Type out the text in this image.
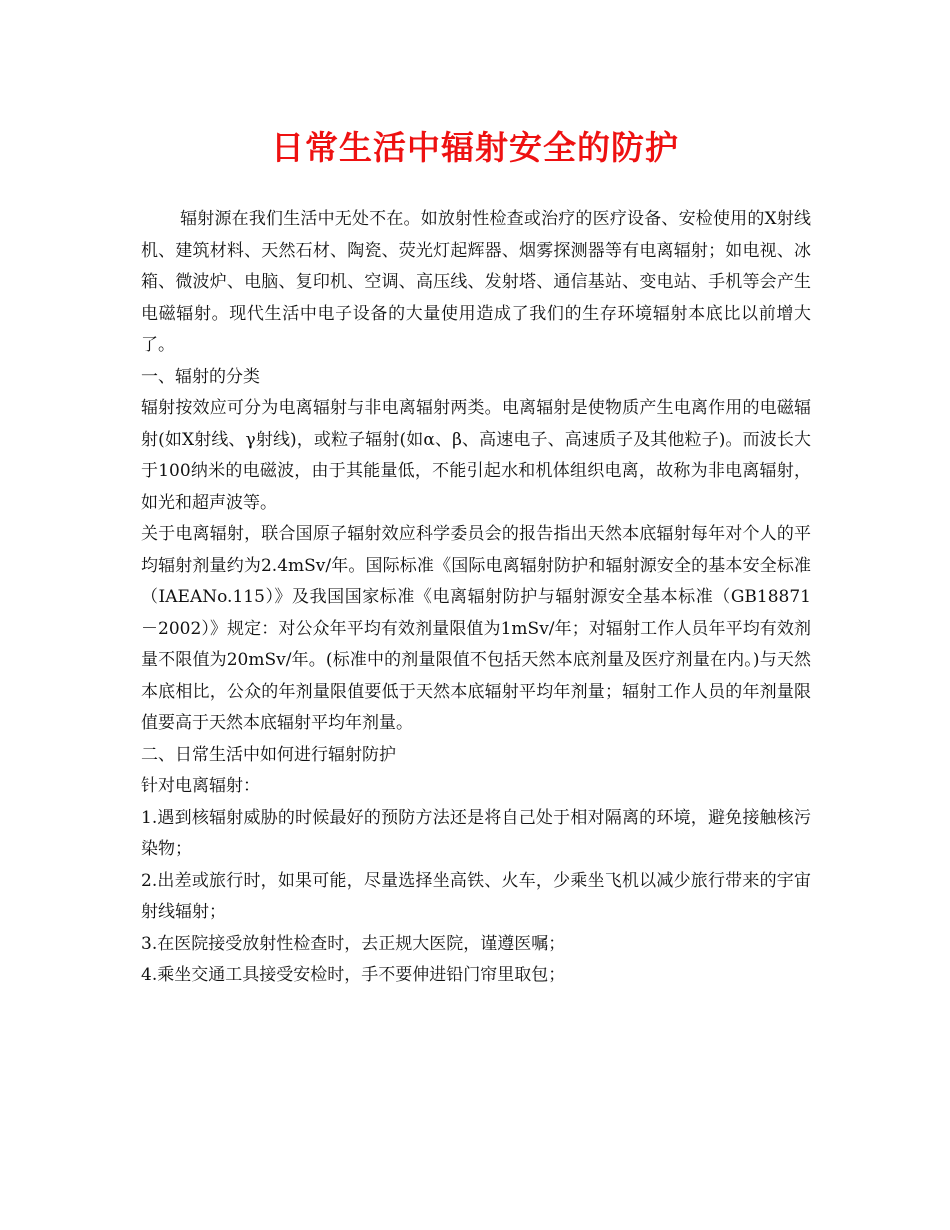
日常生活中辐射安全的防护

辐射源在我们生活中无处不在。如放射性检查或治疗的医疗设备、安检使用的X射线机、建筑材料、天然石材、陶瓷、荧光灯起辉器、烟雾探测器等有电离辐射；如电视、冰箱、微波炉、电脑、复印机、空调、高压线、发射塔、通信基站、变电站、手机等会产生电磁辐射。现代生活中电子设备的大量使用造成了我们的生存环境辐射本底比以前增大了。

一、辐射的分类

辐射按效应可分为电离辐射与非电离辐射两类。电离辐射是使物质产生电离作用的电磁辐射(如X射线、γ射线)，或粒子辐射(如α、β、高速电子、高速质子及其他粒子)。而波长大于100纳米的电磁波，由于其能量低，不能引起水和机体组织电离，故称为非电离辐射，如光和超声波等。

关于电离辐射，联合国原子辐射效应科学委员会的报告指出天然本底辐射每年对个人的平均辐射剂量约为2.4mSv/年。国际标准《国际电离辐射防护和辐射源安全的基本安全标准（IAEANo.115）》及我国国家标准《电离辐射防护与辐射源安全基本标准（GB18871－2002）》规定：对公众年平均有效剂量限值为1mSv/年；对辐射工作人员年平均有效剂量不限值为20mSv/年。(标准中的剂量限值不包括天然本底剂量及医疗剂量在内。)与天然本底相比，公众的年剂量限值要低于天然本底辐射平均年剂量；辐射工作人员的年剂量限值要高于天然本底辐射平均年剂量。

二、日常生活中如何进行辐射防护

针对电离辐射：

1.遇到核辐射威胁的时候最好的预防方法还是将自己处于相对隔离的环境，避免接触核污染物；

2.出差或旅行时，如果可能，尽量选择坐高铁、火车，少乘坐飞机以减少旅行带来的宇宙射线辐射；

3.在医院接受放射性检查时，去正规大医院，谨遵医嘱；

4.乘坐交通工具接受安检时，手不要伸进铅门帘里取包；
